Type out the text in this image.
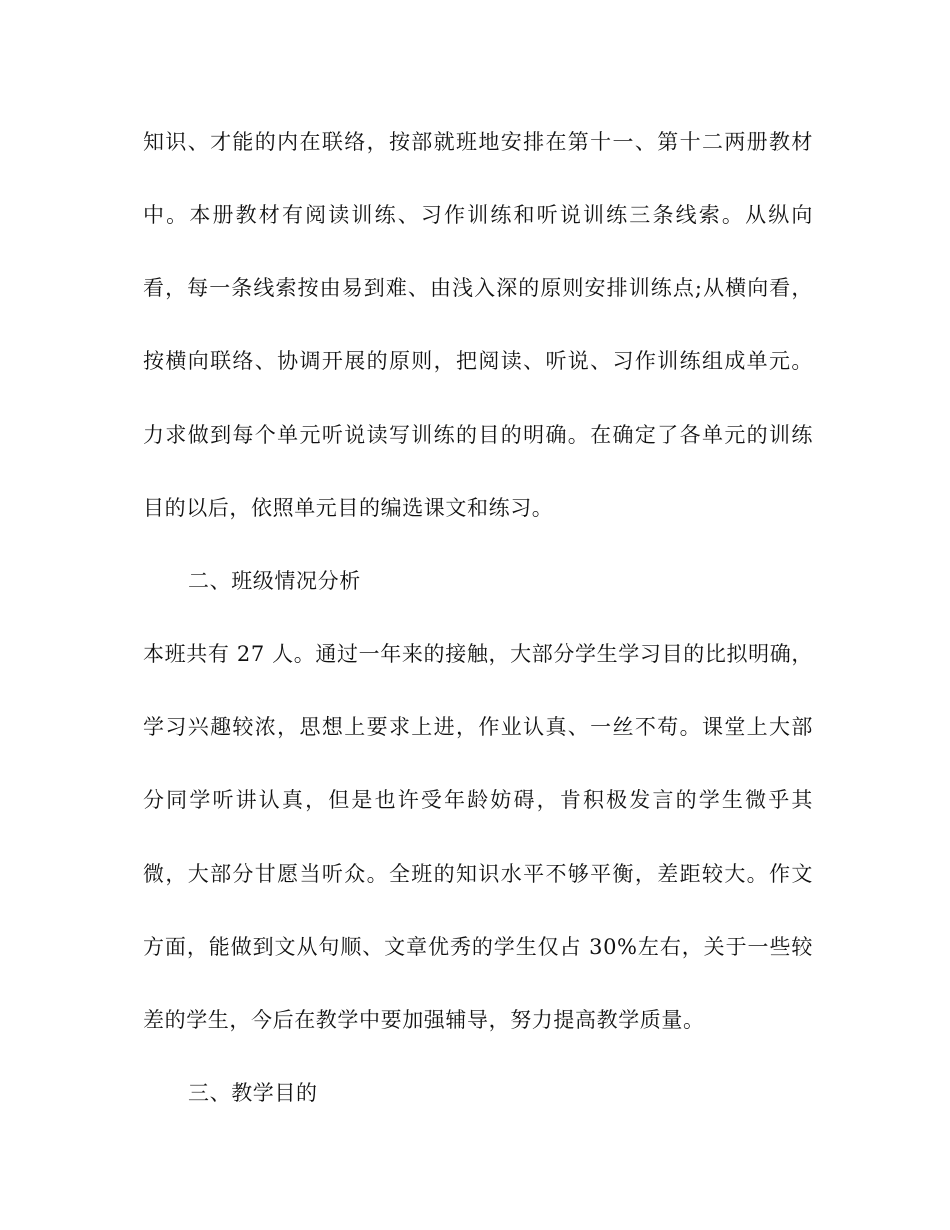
知识、才能的内在联络，按部就班地安排在第十一、第十二两册教材
中。本册教材有阅读训练、习作训练和听说训练三条线索。从纵向
看，每一条线索按由易到难、由浅入深的原则安排训练点;从横向看，
按横向联络、协调开展的原则，把阅读、听说、习作训练组成单元。
力求做到每个单元听说读写训练的目的明确。在确定了各单元的训练
目的以后，依照单元目的编选课文和练习。
二、班级情况分析
本班共有 27 人。通过一年来的接触，大部分学生学习目的比拟明确，
学习兴趣较浓，思想上要求上进，作业认真、一丝不苟。课堂上大部
分同学听讲认真，但是也许受年龄妨碍，肯积极发言的学生微乎其
微，大部分甘愿当听众。全班的知识水平不够平衡，差距较大。作文
方面，能做到文从句顺、文章优秀的学生仅占 30%左右，关于一些较
差的学生，今后在教学中要加强辅导，努力提高教学质量。
三、教学目的
